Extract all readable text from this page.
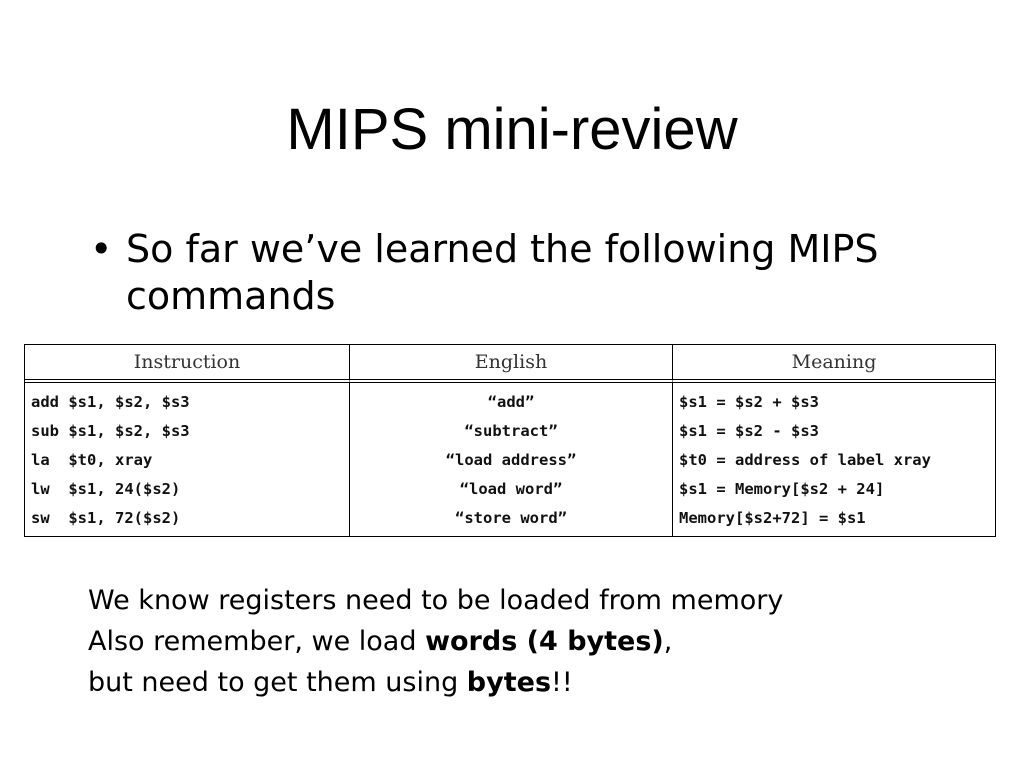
MIPS mini-review
• So far we’ve learned the following MIPS commands
Instruction	English	Meaning
add $s1, $s2, $s3	“add”	$s1 = $s2 + $s3
sub $s1, $s2, $s3	“subtract”	$s1 = $s2 - $s3
la  $t0, xray	“load address”	$t0 = address of label xray
lw  $s1, 24($s2)	“load word”	$s1 = Memory[$s2 + 24]
sw  $s1, 72($s2)	“store word”	Memory[$s2+72] = $s1
We know registers need to be loaded from memory
Also remember, we load words (4 bytes),
but need to get them using bytes!!
